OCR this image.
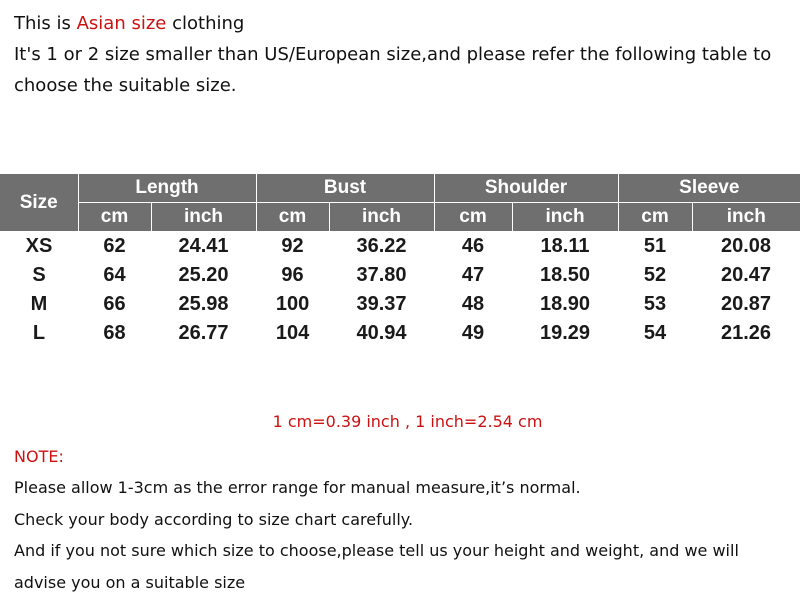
This is Asian size clothing
It's 1 or 2 size smaller than US/European size,and please refer the following table to
choose the suitable size.
Size	Length		Bust		Shoulder		Sleeve	
	cm	inch	cm	inch	cm	inch	cm	inch
XS	62	24.41	92	36.22	46	18.11	51	20.08
S	64	25.20	96	37.80	47	18.50	52	20.47
M	66	25.98	100	39.37	48	18.90	53	20.87
L	68	26.77	104	40.94	49	19.29	54	21.26
1 cm=0.39 inch , 1 inch=2.54 cm
NOTE:
Please allow 1-3cm as the error range for manual measure,it’s normal.
Check your body according to size chart carefully.
And if you not sure which size to choose,please tell us your height and weight, and we will
advise you on a suitable size
